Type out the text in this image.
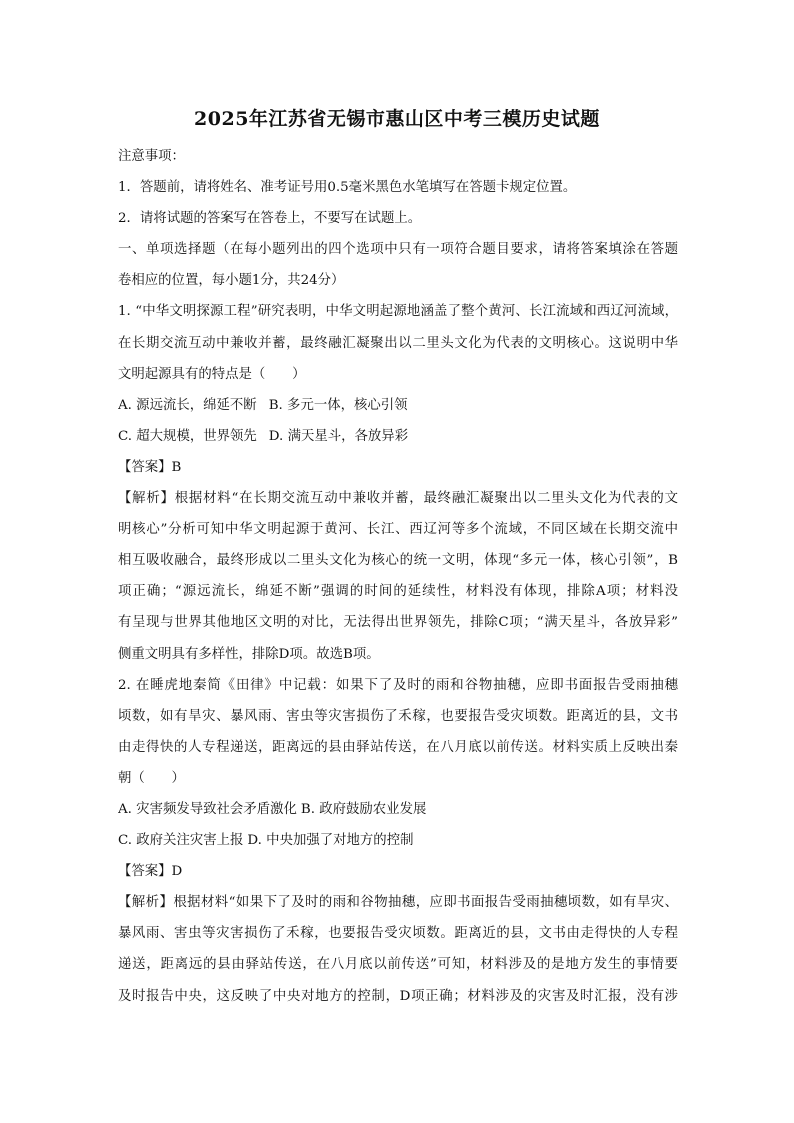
2025年江苏省无锡市惠山区中考三模历史试题
注意事项：
1．答题前，请将姓名、准考证号用0.5毫米黑色水笔填写在答题卡规定位置。
2．请将试题的答案写在答卷上，不要写在试题上。
一、单项选择题（在每小题列出的四个选项中只有一项符合题目要求，请将答案填涂在答题
卷相应的位置，每小题1分，共24分）
1. “中华文明探源工程”研究表明，中华文明起源地涵盖了整个黄河、长江流域和西辽河流域，
在长期交流互动中兼收并蓄，最终融汇凝聚出以二里头文化为代表的文明核心。这说明中华
文明起源具有的特点是（　　）
A. 源远流长，绵延不断 B. 多元一体，核心引领
C. 超大规模，世界领先 D. 满天星斗，各放异彩
【答案】B
【解析】根据材料“在长期交流互动中兼收并蓄，最终融汇凝聚出以二里头文化为代表的文
明核心”分析可知中华文明起源于黄河、长江、西辽河等多个流域，不同区域在长期交流中
相互吸收融合，最终形成以二里头文化为核心的统一文明，体现“多元一体，核心引领”，B
项正确；“源远流长，绵延不断”强调的时间的延续性，材料没有体现，排除A项；材料没
有呈现与世界其他地区文明的对比，无法得出世界领先，排除C项；“满天星斗，各放异彩”
侧重文明具有多样性，排除D项。故选B项。
2. 在睡虎地秦简《田律》中记载：如果下了及时的雨和谷物抽穗，应即书面报告受雨抽穗
顷数，如有旱灾、暴风雨、害虫等灾害损伤了禾稼，也要报告受灾顷数。距离近的县，文书
由走得快的人专程递送，距离远的县由驿站传送，在八月底以前传送。材料实质上反映出秦
朝（　　）
A. 灾害频发导致社会矛盾激化 B. 政府鼓励农业发展
C. 政府关注灾害上报 D. 中央加强了对地方的控制
【答案】D
【解析】根据材料“如果下了及时的雨和谷物抽穗，应即书面报告受雨抽穗顷数，如有旱灾、
暴风雨、害虫等灾害损伤了禾稼，也要报告受灾顷数。距离近的县，文书由走得快的人专程
递送，距离远的县由驿站传送，在八月底以前传送”可知，材料涉及的是地方发生的事情要
及时报告中央，这反映了中央对地方的控制，D项正确；材料涉及的灾害及时汇报，没有涉
